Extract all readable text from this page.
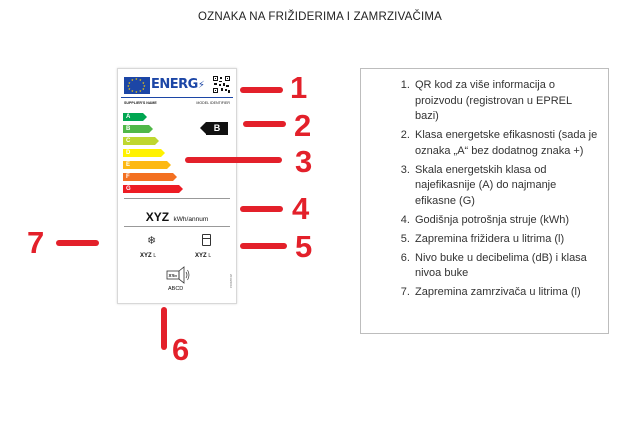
OZNAKA NA FRIŽIDERIMA I ZAMRZIVAČIMA
★ ★
★
★
★
★
★
★
★
★
★
★ ENERG⚡
SUPPLIER'S NAME	MODEL IDENTIFIER
A
B
C
D
E
F
G
B
XYZ kWh/annum
❄
XYZ L	XYZ L
XY
dB
ABCD
2019/2016
1
2
3
4
5
6
7
1. QR kod za više informacija o proizvodu (registrovan u EPREL bazi)
2. Klasa energetske efikasnosti (sada je oznaka „A“ bez dodatnog znaka +)
3. Skala energetskih klasa od najefikasnije (A) do najmanje efikasne (G)
4. Godišnja potrošnja struje (kWh)
5. Zapremina frižidera u litrima (l)
6. Nivo buke u decibelima (dB) i klasa nivoa buke
7. Zapremina zamrzivača u litrima (l)
